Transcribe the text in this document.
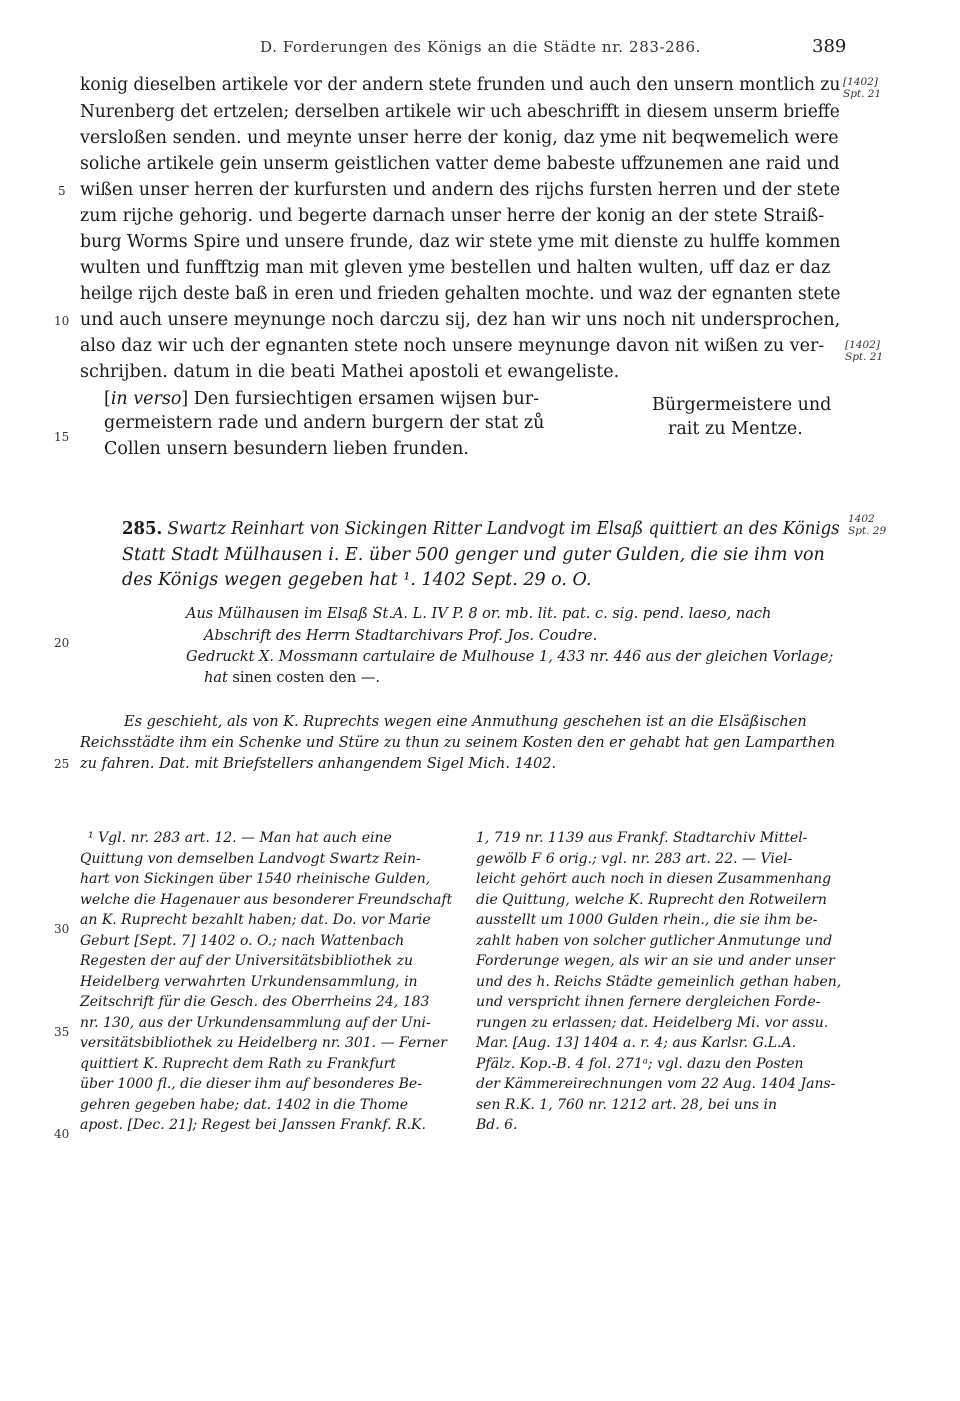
D. Forderungen des Königs an die Städte nr. 283-286.	389
konig dieselben artikele vor der andern stete frunden und auch den unsern montlich zu
Nurenberg det ertzelen; derselben artikele wir uch abeschrifft in diesem unserm brieffe
versloßen senden. und meynte unser herre der konig, daz yme nit beqwemelich were
soliche artikele gein unserm geistlichen vatter deme babeste uffzunemen ane raid und
wißen unser herren der kurfursten und andern des rijchs fursten herren und der stete
zum rijche gehorig. und begerte darnach unser herre der konig an der stete Straiß-
burg Worms Spire und unsere frunde, daz wir stete yme mit dienste zu hulffe kommen
wulten und funfftzig man mit gleven yme bestellen und halten wulten, uff daz er daz
heilge rijch deste baß in eren und frieden gehalten mochte. und waz der egnanten stete
und auch unsere meynunge noch darczu sij, dez han wir uns noch nit undersprochen,
also daz wir uch der egnanten stete noch unsere meynunge davon nit wißen zu ver-
schrijben. datum in die beati Mathei apostoli et ewangeliste.
[in verso] Den fursiechtigen ersamen wijsen bur-
germeistern rade und andern burgern der stat zů
Collen unsern besundern lieben frunden.
Bürgermeistere und
rait zu Mentze.
[1402]
Spt. 21
[1402]
Spt. 21
1402
Spt. 29
5
10
15
20
25
30
35
40
285. Swartz Reinhart von Sickingen Ritter Landvogt im Elsaß quittiert an des Königs
Statt Stadt Mülhausen i. E. über 500 genger und guter Gulden, die sie ihm von
des Königs wegen gegeben hat ¹. 1402 Sept. 29 o. O.
Aus Mülhausen im Elsaß St.A. L. IV P. 8 or. mb. lit. pat. c. sig. pend. laeso, nach
Abschrift des Herrn Stadtarchivars Prof. Jos. Coudre.
Gedruckt X. Mossmann cartulaire de Mulhouse 1, 433 nr. 446 aus der gleichen Vorlage;
hat sinen costen den —.
Es geschieht, als von K. Ruprechts wegen eine Anmuthung geschehen ist an die Elsäßischen
Reichsstädte ihm ein Schenke und Stüre zu thun zu seinem Kosten den er gehabt hat gen Lamparthen
zu fahren. Dat. mit Briefstellers anhangendem Sigel Mich. 1402.
¹ Vgl. nr. 283 art. 12. — Man hat auch eine
Quittung von demselben Landvogt Swartz Rein-
hart von Sickingen über 1540 rheinische Gulden,
welche die Hagenauer aus besonderer Freundschaft
an K. Ruprecht bezahlt haben; dat. Do. vor Marie
Geburt [Sept. 7] 1402 o. O.; nach Wattenbach
Regesten der auf der Universitätsbibliothek zu
Heidelberg verwahrten Urkundensammlung, in
Zeitschrift für die Gesch. des Oberrheins 24, 183
nr. 130, aus der Urkundensammlung auf der Uni-
versitätsbibliothek zu Heidelberg nr. 301. — Ferner
quittiert K. Ruprecht dem Rath zu Frankfurt
über 1000 fl., die dieser ihm auf besonderes Be-
gehren gegeben habe; dat. 1402 in die Thome
apost. [Dec. 21]; Regest bei Janssen Frankf. R.K.
1, 719 nr. 1139 aus Frankf. Stadtarchiv Mittel-
gewölb F 6 orig.; vgl. nr. 283 art. 22. — Viel-
leicht gehört auch noch in diesen Zusammenhang
die Quittung, welche K. Ruprecht den Rotweilern
ausstellt um 1000 Gulden rhein., die sie ihm be-
zahlt haben von solcher gutlicher Anmutunge und
Forderunge wegen, als wir an sie und ander unser
und des h. Reichs Städte gemeinlich gethan haben,
und verspricht ihnen fernere dergleichen Forde-
rungen zu erlassen; dat. Heidelberg Mi. vor assu.
Mar. [Aug. 13] 1404 a. r. 4; aus Karlsr. G.L.A.
Pfälz. Kop.-B. 4 fol. 271ᵃ; vgl. dazu den Posten
der Kämmereirechnungen vom 22 Aug. 1404 Jans-
sen R.K. 1, 760 nr. 1212 art. 28, bei uns in
Bd. 6.
